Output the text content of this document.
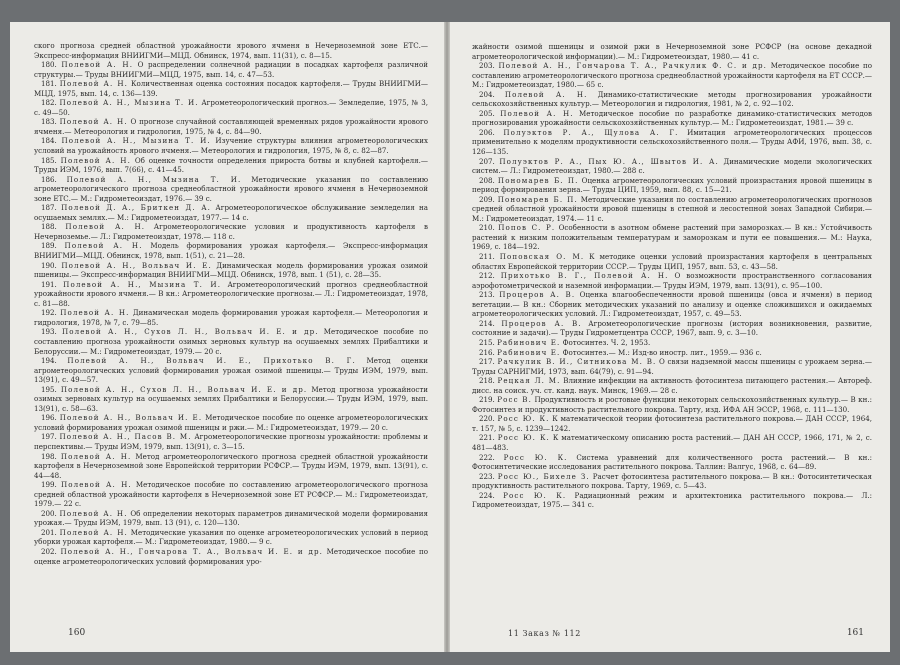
ского прогноза средней областной урожайности ярового ячменя в Нечерноземной зоне ЕТС.— Экспресс-информация ВНИИГМИ—МЦД. Обнинск, 1974, вып. 11(31), с. 8—15.
180. Полевой А. Н. О распределении солнечной радиации в посадках картофеля различной структуры.— Труды ВНИИГМИ—МЦД, 1975, вып. 14, с. 47—53.
181. Полевой А. Н. Количественная оценка состояния посадок картофеля.— Труды ВНИИГМИ—МЦД, 1975, вып. 14, с. 136—139.
182. Полевой А. Н., Мызина Т. И. Агрометеорологический прогноз.— Земледелие, 1975, № 3, с. 49—50.
183. Полевой А. Н. О прогнозе случайной составляющей временных рядов урожайности ярового ячменя.— Метеорология и гидрология, 1975, № 4, с. 84—90.
184. Полевой А. Н., Мызина Т. И. Изучение структуры влияния агрометеорологических условий на урожайность ярового ячменя.— Метеорология и гидрология, 1975, № 8, с. 82—87.
185. Полевой А. Н. Об оценке точности определения прироста ботвы и клубней картофеля.— Труды ИЭМ, 1976, вып. 7(66), с. 41—45.
186. Полевой А. Н., Мызина Т. И. Методические указания по составлению агрометеорологического прогноза среднеобластной урожайности ярового ячменя в Нечерноземной зоне ЕТС.— М.: Гидрометеоиздат, 1976.— 39 с.
187. Полевой Д. А., Бриткен Д. А. Агрометеорологическое обслуживание земледелия на осушаемых землях.— М.: Гидрометеоиздат, 1977.— 14 с.
188. Полевой А. Н. Агрометеорологические условия и продуктивность картофеля в Нечерноземье.— Л.: Гидрометеоиздат, 1978.— 118 с.
189. Полевой А. Н. Модель формирования урожая картофеля.— Экспресс-информация ВНИИГМИ—МЦД. Обнинск, 1978, вып. 1(51), с. 21—28.
190. Полевой А. Н., Вольвач И. Е. Динамическая модель формирования урожая озимой пшеницы.— Экспресс-информация ВНИИГМИ—МЦД. Обнинск, 1978, вып. 1 (51), с. 28—35.
191. Полевой А. Н., Мызина Т. И. Агрометеорологический прогноз среднеобластной урожайности ярового ячменя.— В кн.: Агрометеорологические прогнозы.— Л.: Гидрометеоиздат, 1978, с. 81—88.
192. Полевой А. Н. Динамическая модель формирования урожая картофеля.— Метеорология и гидрология, 1978, № 7, с. 79—85.
193. Полевой А. Н., Сухов Л. Н., Вольвач И. Е. и др. Методическое пособие по составлению прогноза урожайности озимых зерновых культур на осушаемых землях Прибалтики и Белоруссии.— М.: Гидрометеоиздат, 1979.— 20 с.
194. Полевой А. Н., Вольвач И. Е., Прихотько В. Г. Метод оценки агрометеорологических условий формирования урожая озимой пшеницы.— Труды ИЭМ, 1979, вып. 13(91), с. 49—57.
195. Полевой А. Н., Сухов Л. Н., Вольвач И. Е. и др. Метод прогноза урожайности озимых зерновых культур на осушаемых землях Прибалтики и Белоруссии.— Труды ИЭМ, 1979, вып. 13(91), с. 58—63.
196. Полевой А. Н., Вольвач И. Е. Методическое пособие по оценке агрометеорологических условий формирования урожая озимой пшеницы и ржи.— М.: Гидрометеоиздат, 1979.— 20 с.
197. Полевой А. Н., Пасов В. М. Агрометеорологические прогнозы урожайности: проблемы и перспективы.— Труды ИЭМ, 1979, вып. 13(91), с. 3—15.
198. Полевой А. Н. Метод агрометеорологического прогноза средней областной урожайности картофеля в Нечерноземной зоне Европейской территории РСФСР.— Труды ИЭМ, 1979, вып. 13(91), с. 44—48.
199. Полевой А. Н. Методическое пособие по составлению агрометеорологического прогноза средней областной урожайности картофеля в Нечерноземной зоне ЕТ РСФСР.— М.: Гидрометеоиздат, 1979.— 22 с.
200. Полевой А. Н. Об определении некоторых параметров динамической модели формирования урожая.— Труды ИЭМ, 1979, вып. 13 (91), с. 120—130.
201. Полевой А. Н. Методические указания по оценке агрометеорологических условий в период уборки урожая картофеля.— М.: Гидрометеоиздат, 1980.— 9 с.
202. Полевой А. Н., Гончарова Т. А., Вольвач И. Е. и др. Методическое пособие по оценке агрометеорологических условий формирования уро-
160
жайности озимой пшеницы и озимой ржи в Нечерноземной зоне РСФСР (на основе декадной агрометеорологической информации).— М.: Гидрометеоиздат, 1980.— 41 с.
203. Полевой А. Н., Гончарова Т. А., Рачкулик Ф. С. и др. Методическое пособие по составлению агрометеорологического прогноза среднеобластной урожайности картофеля на ЕТ СССР.— М.: Гидрометеоиздат, 1980.— 65 с.
204. Полевой А. Н. Динамико-статистические методы прогнозирования урожайности сельскохозяйственных культур.— Метеорология и гидрология, 1981, № 2, с. 92—102.
205. Полевой А. Н. Методическое пособие по разработке динамико-статистических методов прогнозирования урожайности сельскохозяйственных культур.— М.: Гидрометеоиздат, 1981.— 39 с.
206. Полуэктов Р. А., Щулова А. Г. Имитация агрометеорологических процессов применительно к моделям продуктивности сельскохозяйственного поля.— Труды АФИ, 1976, вып. 38, с. 126—135.
207. Полуэктов Р. А., Пых Ю. А., Швытов И. А. Динамические модели экологических систем.— Л.: Гидрометеоиздат, 1980.— 288 с.
208. Пономарев Б. П. Оценка агрометеорологических условий произрастания яровой пшеницы в период формирования зерна.— Труды ЦИП, 1959, вып. 88, с. 15—21.
209. Пономарев Б. П. Методические указания по составлению агрометеорологических прогнозов средней областной урожайности яровой пшеницы в степной и лесостепной зонах Западной Сибири.— М.: Гидрометеоиздат, 1974.— 11 с.
210. Попов С. Р. Особенности в азотном обмене растений при заморозках.— В кн.: Устойчивость растений к низким положительным температурам и заморозкам и пути ее повышения.— М.: Наука, 1969, с. 184—192.
211. Поповская О. М. К методике оценки условий произрастания картофеля в центральных областях Европейской территории СССР.— Труды ЦИП, 1957, вып. 53, с. 43—58.
212. Прихотько В. Г., Полевой А. Н. О возможности пространственного согласования аэрофотометрической и наземной информации.— Труды ИЭМ, 1979, вып. 13(91), с. 95—100.
213. Процеров А. В. Оценка влагообеспеченности яровой пшеницы (овса и ячменя) в период вегетации.— В кн.: Сборник методических указаний по анализу и оценке сложившихся и ожидаемых агрометеорологических условий. Л.: Гидрометеоиздат, 1957, с. 49—53.
214. Процеров А. В. Агрометеорологические прогнозы (история возникновения, развитие, состояние и задачи).— Труды Гидрометцентра СССР, 1967, вып. 9, с. 3—10.
215. Рабинович Е. Фотосинтез. Ч. 2, 1953.
216. Рабинович Е. Фотосинтез.— М.: Изд-во иностр. лит., 1959.— 936 с.
217. Рачкулик В. И., Ситникова М. В. О связи надземной массы пшеницы с урожаем зерна.— Труды САРНИГМИ, 1973, вып. 64(79), с. 91—94.
218. Рецкая Л. М. Влияние инфекции на активность фотосинтеза питающего растения.— Автореф. дисс. на соиск. уч. ст. канд. наук. Минск, 1969.— 28 с.
219. Росс В. Продуктивность и ростовые функции некоторых сельскохозяйственных культур.— В кн.: Фотосинтез и продуктивность растительного покрова. Тарту, изд. ИФА АН ЭССР, 1968, с. 111—130.
220. Росс Ю. К. К математической теории фотосинтеза растительного покрова.— ДАН СССР, 1964, т. 157, № 5, с. 1239—1242.
221. Росс Ю. К. К математическому описанию роста растений.— ДАН АН СССР, 1966, 171, № 2, с. 481—483.
222. Росс Ю. К. Система уравнений для количественного роста растений.— В кн.: Фотосинтетические исследования растительного покрова. Таллин: Валгус, 1968, с. 64—89.
223. Росс Ю., Бихеле З. Расчет фотосинтеза растительного покрова.— В кн.: Фотосинтетическая продуктивность растительного покрова. Тарту, 1969, с. 5—43.
224. Росс Ю. К. Радиационный режим и архитектоника растительного покрова.— Л.: Гидрометеоиздат, 1975.— 341 с.
11 Заказ № 112	161
